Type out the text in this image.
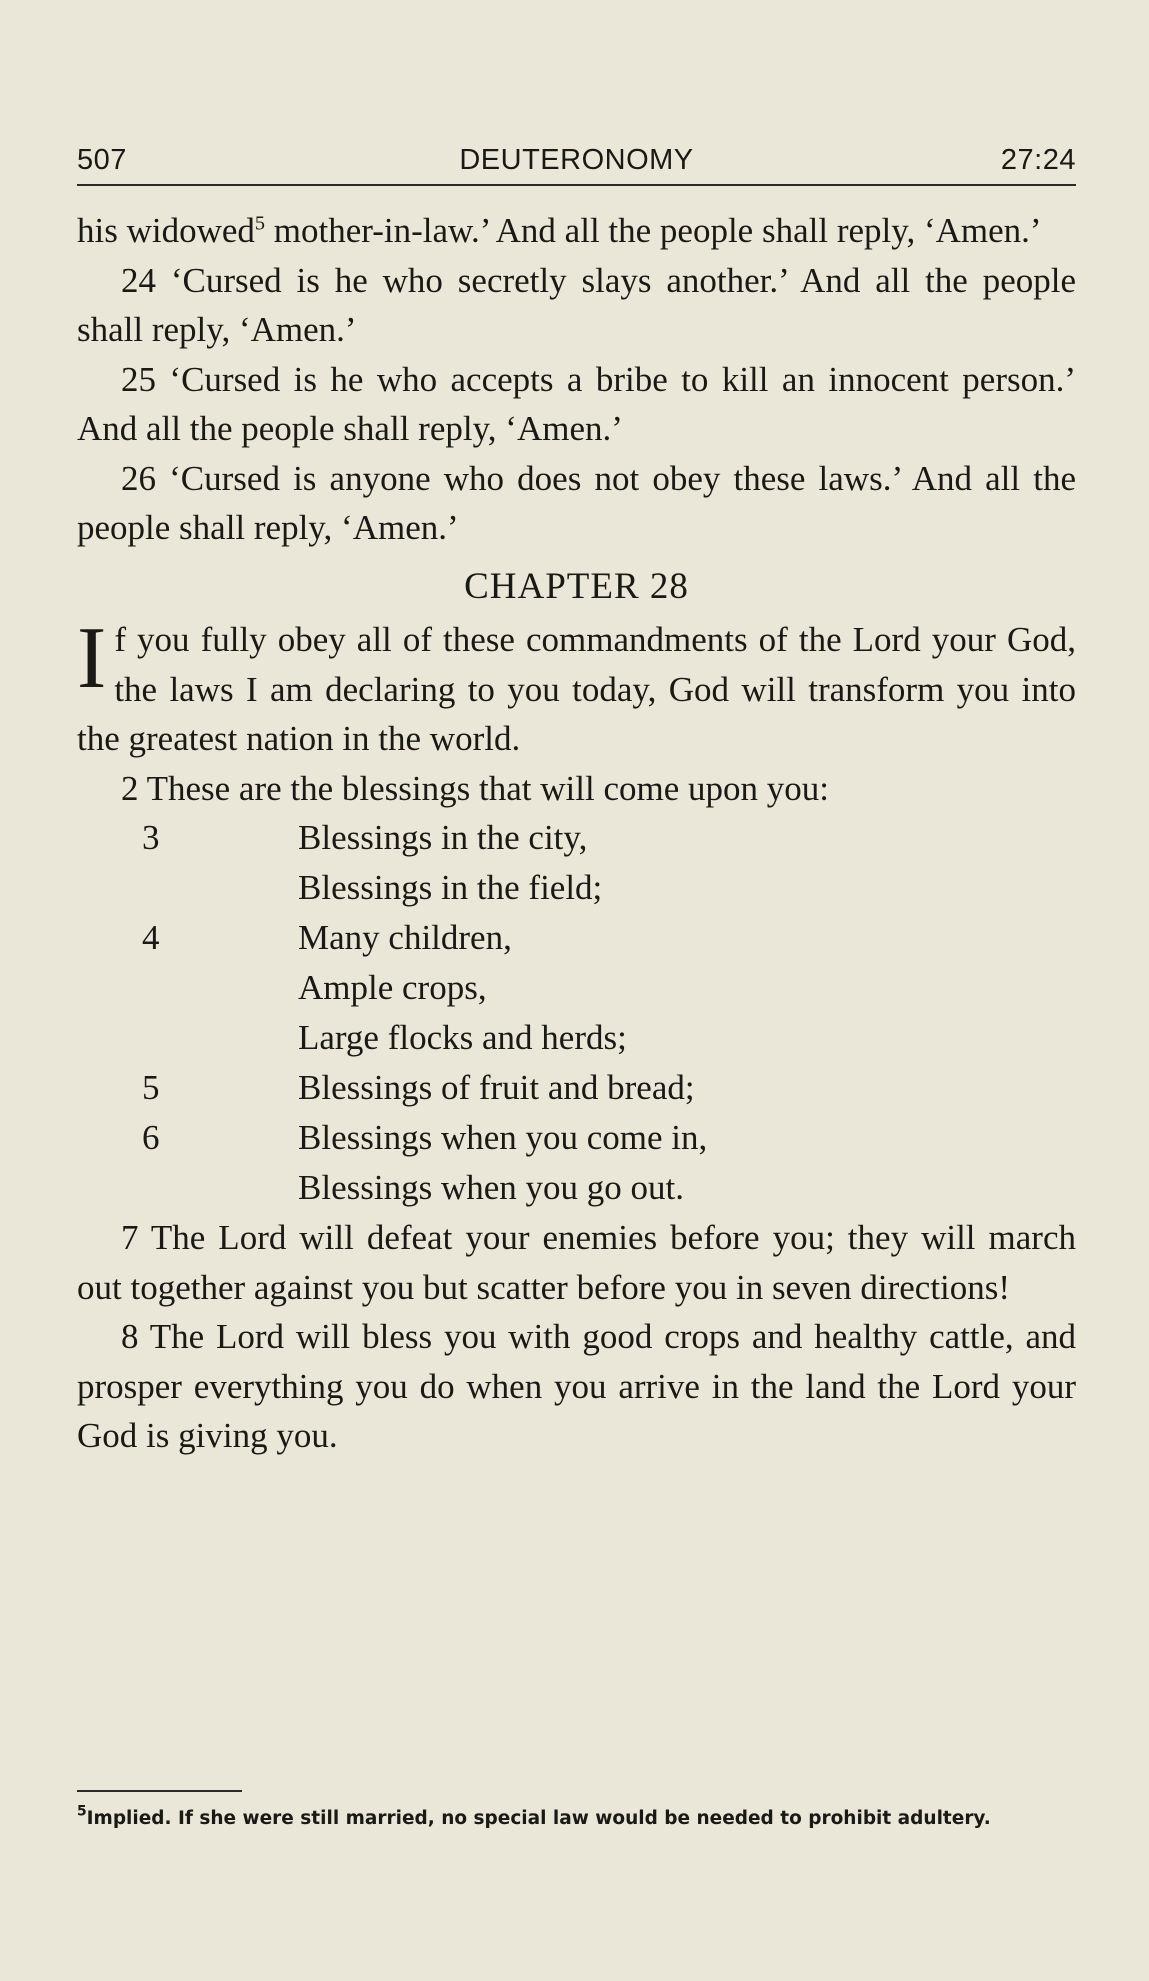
DEUTERONOMY
507	27:24

his widowed$^5$ mother-in-law.’ And all the people shall reply, ‘Amen.’

24 ‘Cursed is he who secretly slays another.’ And all the people shall reply, ‘Amen.’

25 ‘Cursed is he who accepts a bribe to kill an innocent person.’ And all the people shall reply, ‘Amen.’

26 ‘Cursed is anyone who does not obey these laws.’ And all the people shall reply, ‘Amen.’

CHAPTER 28

If you fully obey all of these commandments of the Lord your God, the laws I am declaring to you today, God will transform you into the greatest nation in the world.

2 These are the blessings that will come upon you:

3	Blessings in the city,
Blessings in the field;
4	Many children,
Ample crops,
Large flocks and herds;
5	Blessings of fruit and bread;
6	Blessings when you come in,
Blessings when you go out.

7 The Lord will defeat your enemies before you; they will march out together against you but scatter before you in seven directions!

8 The Lord will bless you with good crops and healthy cattle, and prosper everything you do when you arrive in the land the Lord your God is giving you.

$^5$Implied. If she were still married, no special law would be needed to prohibit adultery.
